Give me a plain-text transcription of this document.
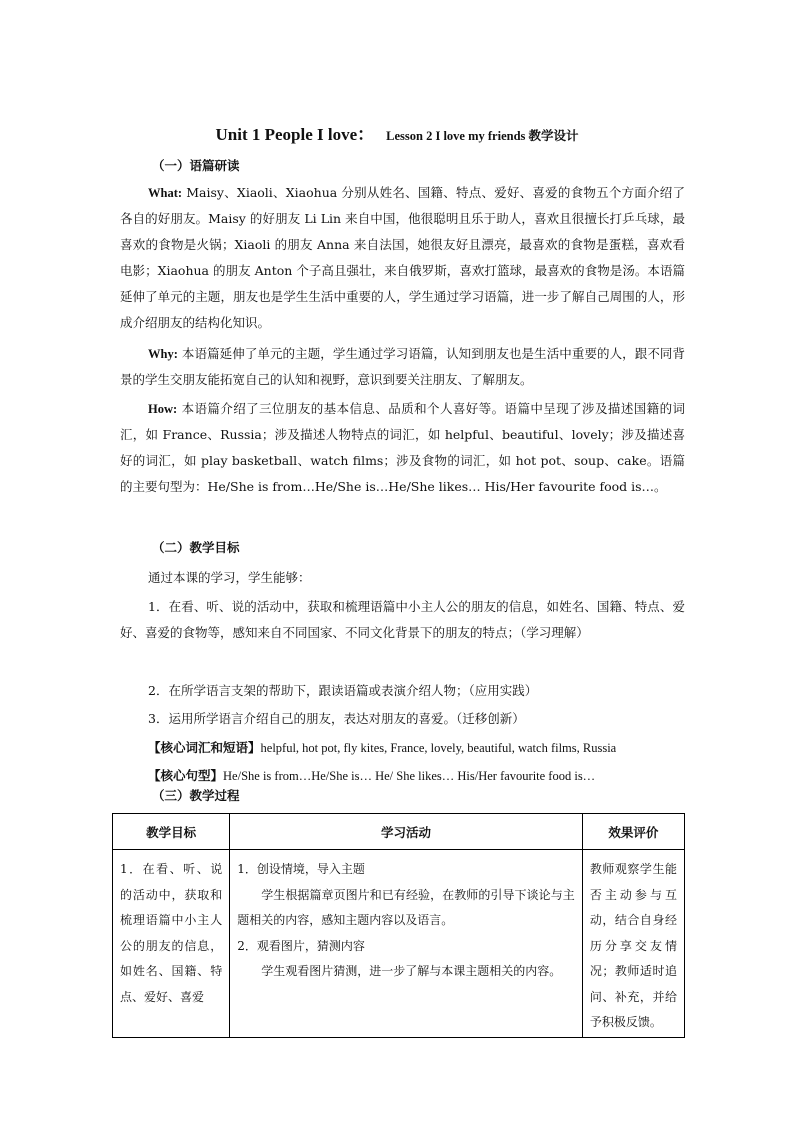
Unit 1 People I love： Lesson 2 I love my friends 教学设计
（一）语篇研读

What: Maisy、Xiaoli、Xiaohua 分别从姓名、国籍、特点、爱好、喜爱的食物五个方面介绍了各自的好朋友。Maisy 的好朋友 Li Lin 来自中国，他很聪明且乐于助人，喜欢且很擅长打乒乓球，最喜欢的食物是火锅；Xiaoli 的朋友 Anna 来自法国，她很友好且漂亮，最喜欢的食物是蛋糕，喜欢看电影；Xiaohua 的朋友 Anton 个子高且强壮，来自俄罗斯，喜欢打篮球，最喜欢的食物是汤。本语篇延伸了单元的主题，朋友也是学生生活中重要的人，学生通过学习语篇，进一步了解自己周围的人，形成介绍朋友的结构化知识。

Why: 本语篇延伸了单元的主题，学生通过学习语篇，认知到朋友也是生活中重要的人，跟不同背景的学生交朋友能拓宽自己的认知和视野，意识到要关注朋友、了解朋友。

How: 本语篇介绍了三位朋友的基本信息、品质和个人喜好等。语篇中呈现了涉及描述国籍的词汇，如 France、Russia；涉及描述人物特点的词汇，如 helpful、beautiful、lovely；涉及描述喜好的词汇，如 play basketball、watch films；涉及食物的词汇，如 hot pot、soup、cake。语篇的主要句型为：He/She is from…He/She is…He/She likes… His/Her favourite food is…。

（二）教学目标
通过本课的学习，学生能够：

1．在看、听、说的活动中，获取和梳理语篇中小主人公的朋友的信息，如姓名、国籍、特点、爱好、喜爱的食物等，感知来自不同国家、不同文化背景下的朋友的特点；（学习理解）

2．在所学语言支架的帮助下，跟读语篇或表演介绍人物；（应用实践）
3．运用所学语言介绍自己的朋友，表达对朋友的喜爱。（迁移创新）
【核心词汇和短语】helpful, hot pot, fly kites, France, lovely, beautiful, watch films, Russia
【核心句型】He/She is from…He/She is… He/ She likes… His/Her favourite food is…
（三）教学过程
教学目标	学习活动	效果评价

1．在看、听、说的活动中，获取和梳理语篇中小主人公的朋友的信息，如姓名、国籍、特点、爱好、喜爱	1．创设情境，导入主题

学生根据篇章页图片和已有经验，在教师的引导下谈论与主题相关的内容，感知主题内容以及语言。

2．观看图片，猜测内容

学生观看图片猜测，进一步了解与本课主题相关的内容。	教师观察学生能否主动参与互动，结合自身经历分享交友情况；教师适时追问、补充，并给予积极反馈。
